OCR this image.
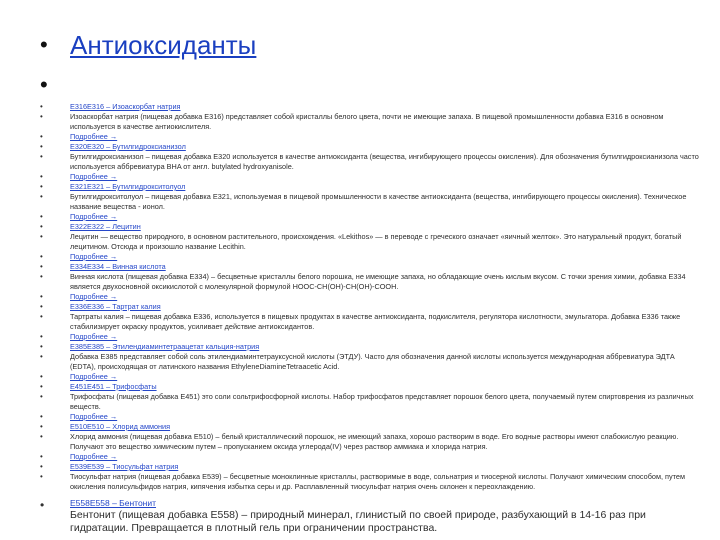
• Антиоксиданты
•
•	E316E316 – Изоаскорбат натрия
•	Изоаскорбат натрия (пищевая добавка E316) представляет собой кристаллы белого цвета, почти не имеющие запаха. В пищевой промышленности добавка E316 в основном используется в качестве антиокислителя.
•	Подробнее →
•	E320E320 – Бутилгидроксианизол
•	Бутилгидроксианизол – пищевая добавка E320 используется в качестве антиоксиданта (вещества, ингибирующего процессы окисления). Для обозначения бутилгидроксианизола часто используется аббревиатура BHA от англ. butylated hydroxyanisole.
•	Подробнее →
•	E321E321 – Бутилгидрокситолуол
•	Бутилгидрокситолуол – пищевая добавка E321, используемая в пищевой промышленности в качестве антиоксиданта (вещества, ингибирующего процессы окисления). Техническое название вещества - ионол.
•	Подробнее →
•	E322E322 – Лецитин
•	Лецитин — вещество природного, в основном растительного, происхождения. «Lekithos» — в переводе с греческого означает «яичный желток». Это натуральный продукт, богатый лецитином. Отсюда и произошло название Lecithin.
•	Подробнее →
•	E334E334 – Винная кислота
•	Винная кислота (пищевая добавка E334) – бесцветные кристаллы белого порошка, не имеющие запаха, но обладающие очень кислым вкусом. С точки зрения химии, добавка E334 является двухосновной оксикислотой с молекулярной формулой HOOC-CH(OH)-CH(OH)-COOH.
•	Подробнее →
•	E336E336 – Тартрат калия
•	Тартраты калия – пищевая добавка E336, используется в пищевых продуктах в качестве антиоксиданта, подкислителя, регулятора кислотности, эмульгатора. Добавка E336 также стабилизирует окраску продуктов, усиливает действие антиоксидантов.
•	Подробнее →
•	E385E385 – Этилендиаминтетраацетат кальция-натрия
•	Добавка E385 представляет собой соль этилендиаминтетрауксусной кислоты (ЭТДУ). Часто для обозначения данной кислоты используется международная аббревиатура ЭДТА (EDTA), происходящая от латинского названия EthyleneDiamineTetraacetic Acid.
•	Подробнее →
•	E451E451 – Трифосфаты
•	Трифосфаты (пищевая добавка E451) это соли сольтрифосфорной кислоты. Набор трифосфатов представляет порошок белого цвета, получаемый путем спиртоврения из различных веществ.
•	Подробнее →
•	E510E510 – Хлорид аммония
•	Хлорид аммония (пищевая добавка E510) – белый кристаллический порошок, не имеющий запаха, хорошо растворим в воде. Его водные растворы имеют слабокислую реакцию. Получают это вещество химическим путем – пропусканием оксида углерода(IV) через раствор аммиака и хлорида натрия.
•	Подробнее →
•	E539E539 – Тиосульфат натрия
•	Тиосульфат натрия (пищевая добавка E539) – бесцветные моноклинные кристаллы, растворимые в воде, сольнатрия и тиосерной кислоты. Получают химическим способом, путем окисления полисульфидов натрия, кипячения избытка серы и др. Расплавленный тиосульфат натрия очень склонен к переохлаждению.
•	E558E558 – Бентонит
Бентонит (пищевая добавка E558) – природный минерал, глинистый по своей природе, разбухающий в 14-16 раз при гидратации. Превращается в плотный гель при ограничении пространства.
